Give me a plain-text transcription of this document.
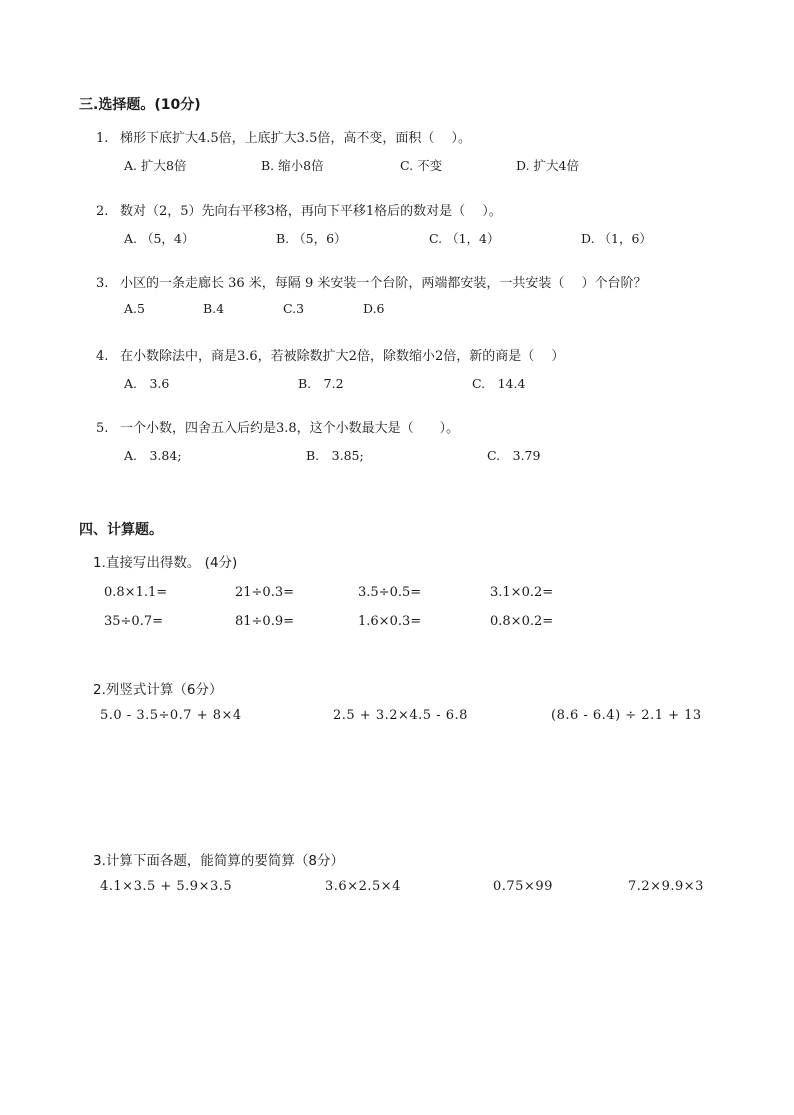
三.选择题。(10分)
1. 梯形下底扩大4.5倍，上底扩大3.5倍，高不变，面积（　 ）。
A. 扩大8倍	B. 缩小8倍	C. 不变	D. 扩大4倍
2. 数对（2，5）先向右平移3格，再向下平移1格后的数对是（　 ）。
A. （5，4）	B. （5，6）	C. （1，4）	D. （1，6）
3. 小区的一条走廊长 36 米，每隔 9 米安装一个台阶，两端都安装，一共安装（　 ）个台阶？
A.5	B.4	C.3	D.6
4. 在小数除法中，商是3.6，若被除数扩大2倍，除数缩小2倍，新的商是（　 ）
A.　3.6	B.　7.2	C.　14.4
5. 一个小数，四舍五入后约是3.8，这个小数最大是（　　）。
A.　3.84;	B.　3.85;	C.　3.79
四、计算题。
1.直接写出得数。 (4分)
0.8×1.1=	21÷0.3=	3.5÷0.5=	3.1×0.2=
35÷0.7=	81÷0.9=	1.6×0.3=	0.8×0.2=
2.列竖式计算（6分）
5.0 - 3.5÷0.7 + 8×4	2.5 + 3.2×4.5 - 6.8	(8.6 - 6.4) ÷ 2.1 + 13
3.计算下面各题，能简算的要简算（8分）
4.1×3.5 + 5.9×3.5	3.6×2.5×4	0.75×99	7.2×9.9×3
